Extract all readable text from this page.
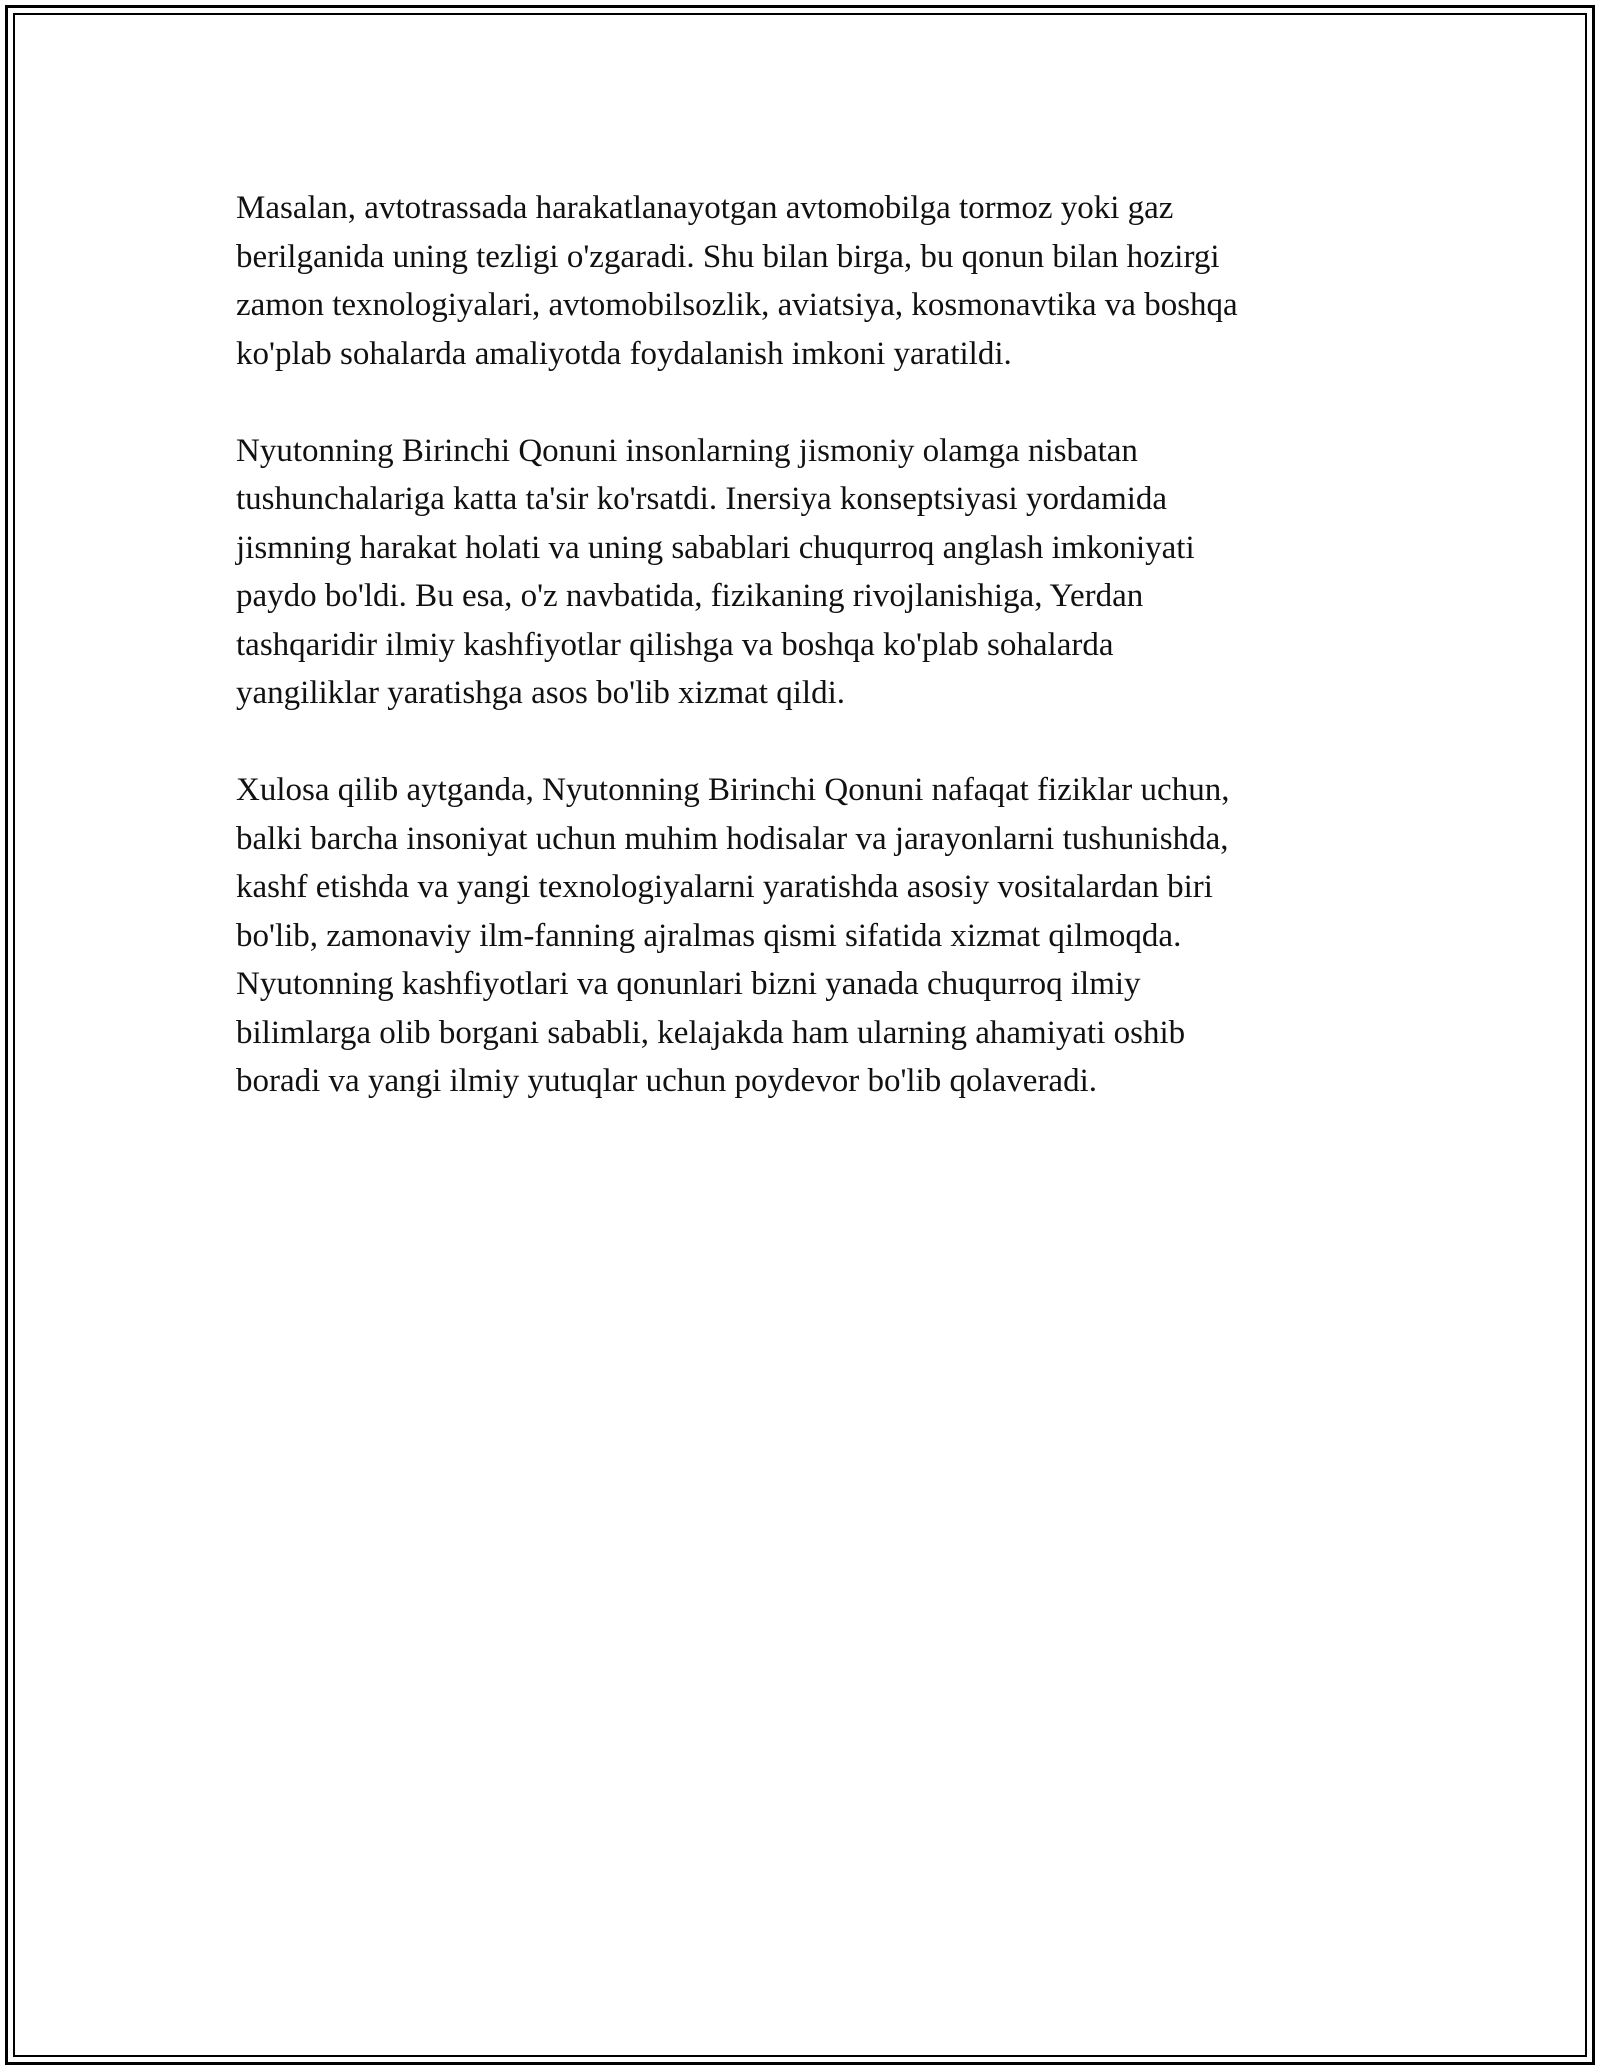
Masalan, avtotrassada harakatlanayotgan avtomobilga tormoz yoki gaz
berilganida uning tezligi o'zgaradi. Shu bilan birga, bu qonun bilan hozirgi
zamon texnologiyalari, avtomobilsozlik, aviatsiya, kosmonavtika va boshqa
ko'plab sohalarda amaliyotda foydalanish imkoni yaratildi.

Nyutonning Birinchi Qonuni insonlarning jismoniy olamga nisbatan
tushunchalariga katta ta'sir ko'rsatdi. Inersiya konseptsiyasi yordamida
jismning harakat holati va uning sabablari chuqurroq anglash imkoniyati
paydo bo'ldi. Bu esa, o'z navbatida, fizikaning rivojlanishiga, Yerdan
tashqaridir ilmiy kashfiyotlar qilishga va boshqa ko'plab sohalarda
yangiliklar yaratishga asos bo'lib xizmat qildi.

Xulosa qilib aytganda, Nyutonning Birinchi Qonuni nafaqat fiziklar uchun,
balki barcha insoniyat uchun muhim hodisalar va jarayonlarni tushunishda,
kashf etishda va yangi texnologiyalarni yaratishda asosiy vositalardan biri
bo'lib, zamonaviy ilm-fanning ajralmas qismi sifatida xizmat qilmoqda.
Nyutonning kashfiyotlari va qonunlari bizni yanada chuqurroq ilmiy
bilimlarga olib borgani sababli, kelajakda ham ularning ahamiyati oshib
boradi va yangi ilmiy yutuqlar uchun poydevor bo'lib qolaveradi.
